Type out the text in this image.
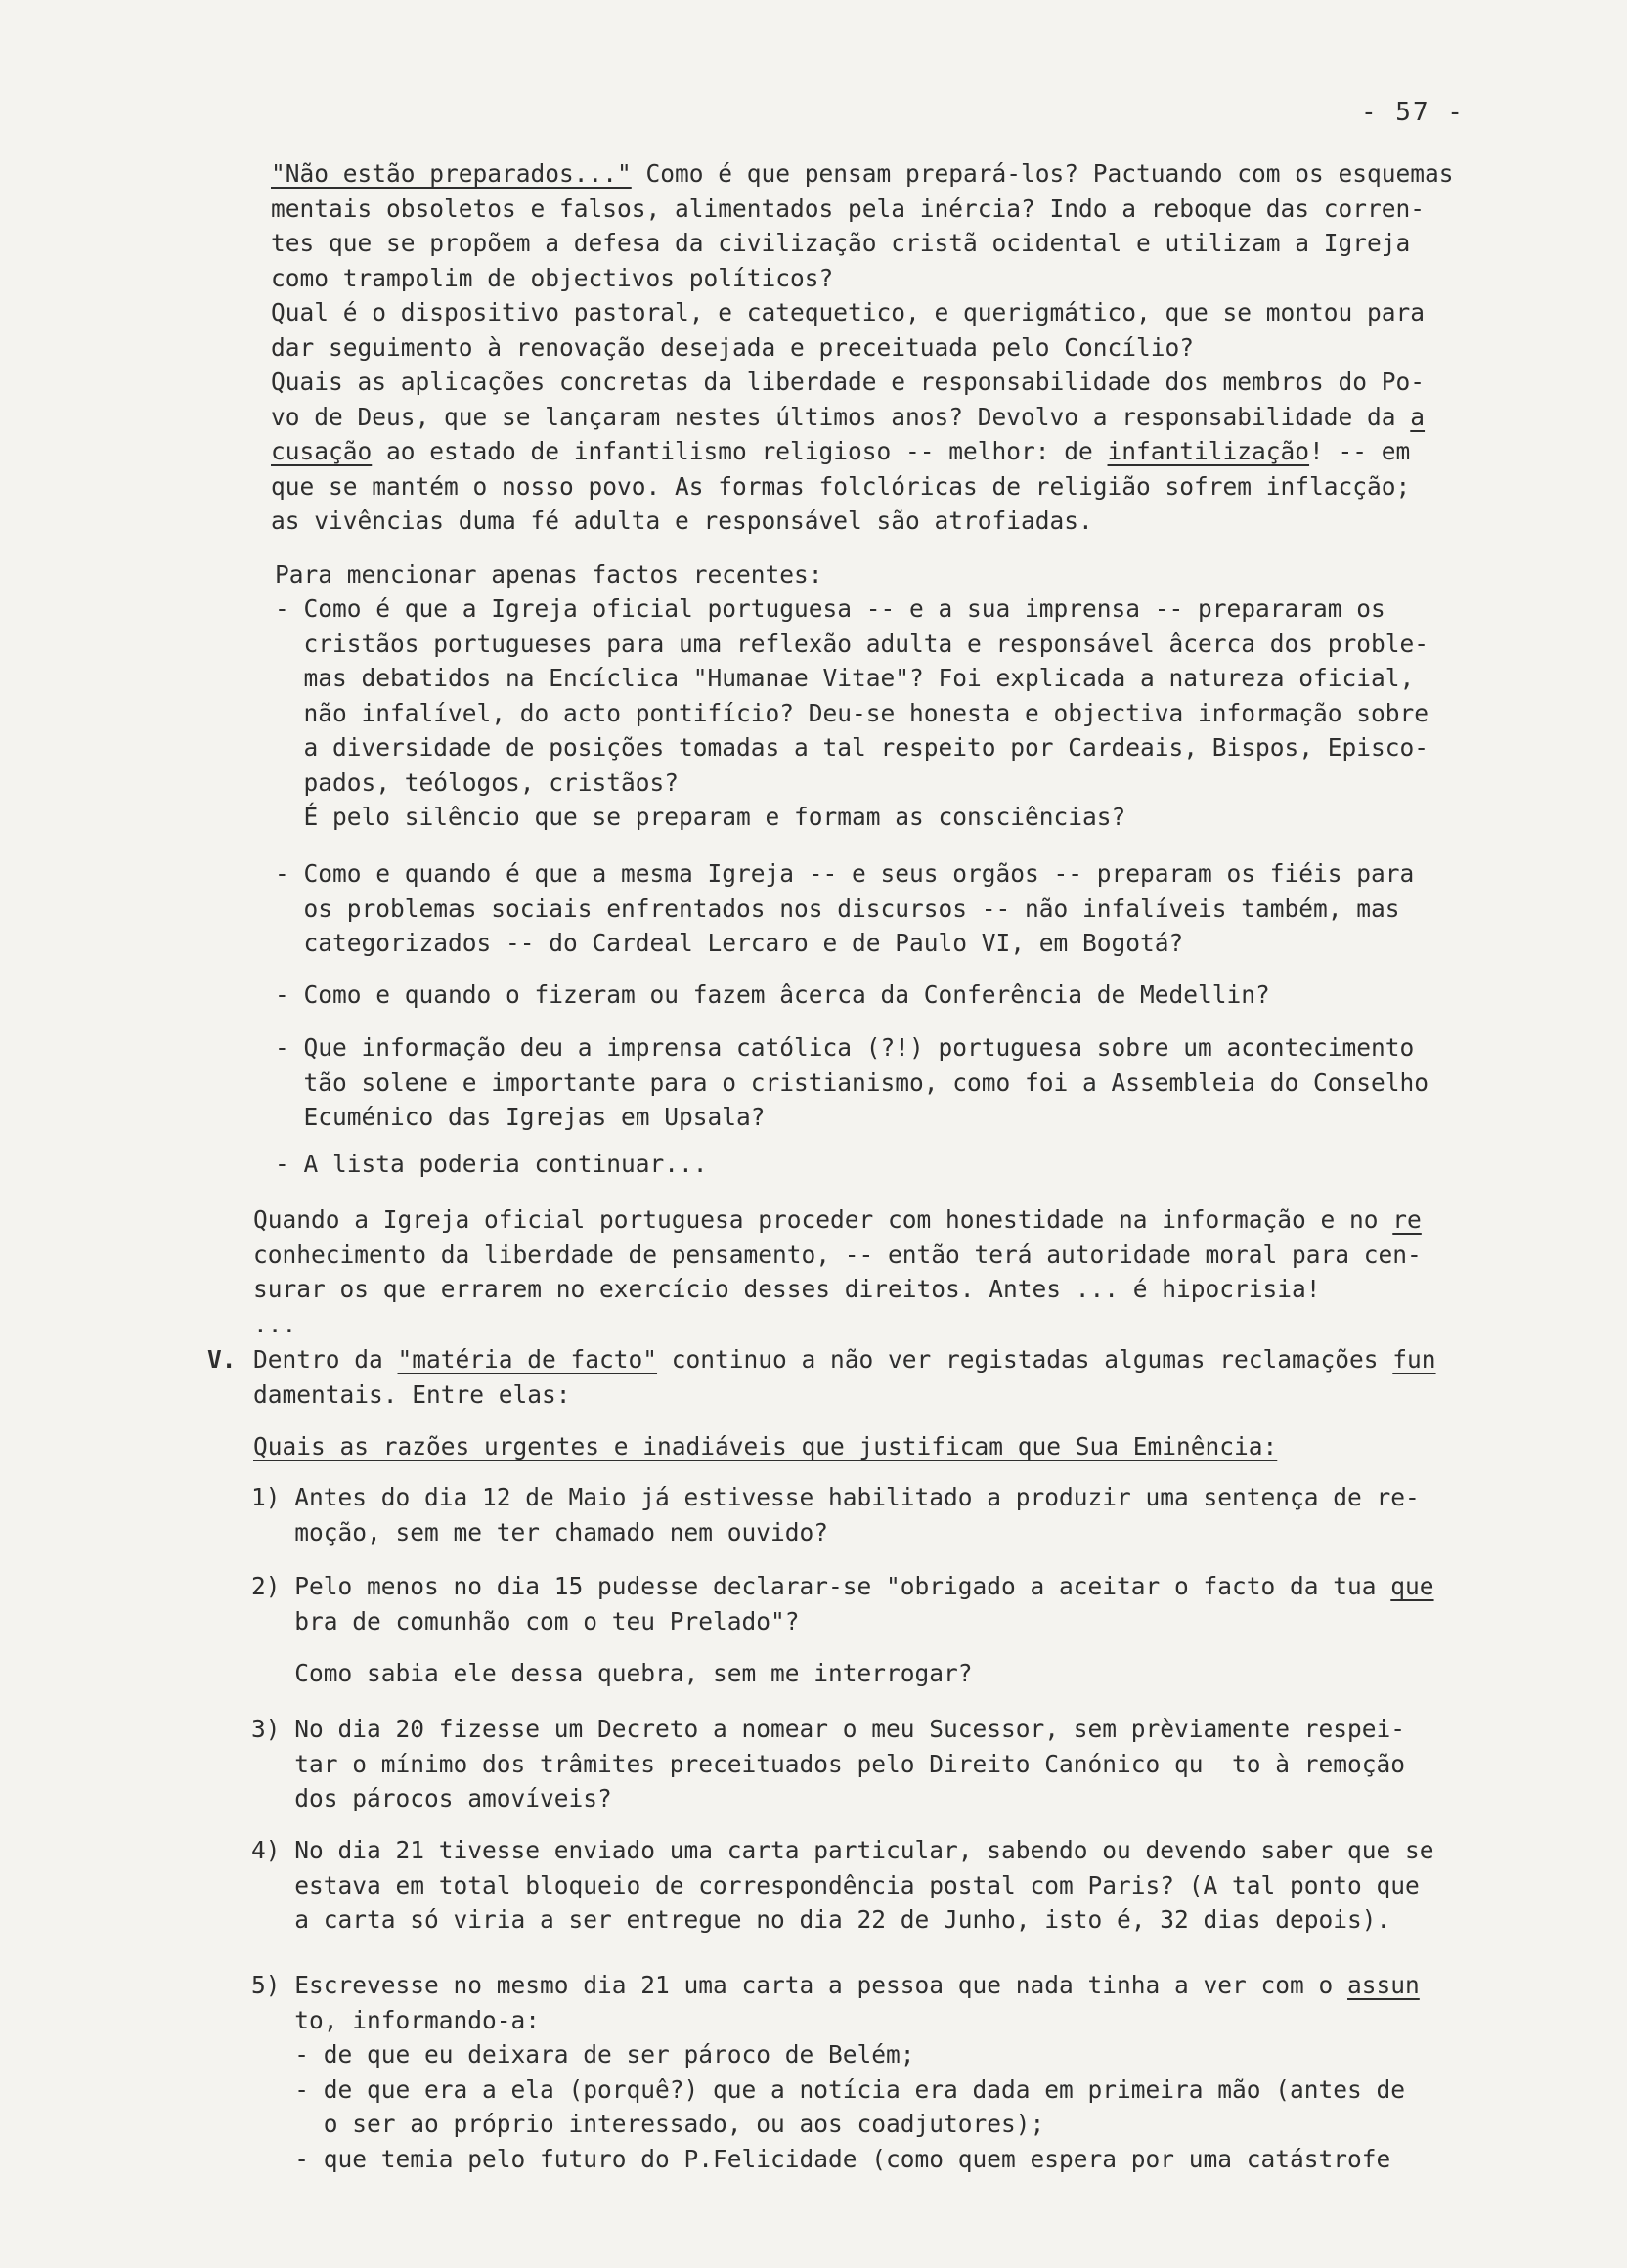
- 57 -
"Não estão preparados..." Como é que pensam prepará-los? Pactuando com os esquemas
mentais obsoletos e falsos, alimentados pela inércia? Indo a reboque das corren-
tes que se propõem a defesa da civilização cristã ocidental e utilizam a Igreja
como trampolim de objectivos políticos?
Qual é o dispositivo pastoral, e catequetico, e querigmático, que se montou para
dar seguimento à renovação desejada e preceituada pelo Concílio?
Quais as aplicações concretas da liberdade e responsabilidade dos membros do Po-
vo de Deus, que se lançaram nestes últimos anos? Devolvo a responsabilidade da a
cusação ao estado de infantilismo religioso -- melhor: de infantilização! -- em
que se mantém o nosso povo. As formas folclóricas de religião sofrem inflacção;
as vivências duma fé adulta e responsável são atrofiadas.
Para mencionar apenas factos recentes:
- Como é que a Igreja oficial portuguesa -- e a sua imprensa -- prepararam os
cristãos portugueses para uma reflexão adulta e responsável âcerca dos proble-
mas debatidos na Encíclica "Humanae Vitae"? Foi explicada a natureza oficial,
não infalível, do acto pontifício? Deu-se honesta e objectiva informação sobre
a diversidade de posições tomadas a tal respeito por Cardeais, Bispos, Episco-
pados, teólogos, cristãos?
É pelo silêncio que se preparam e formam as consciências?
- Como e quando é que a mesma Igreja -- e seus orgãos -- preparam os fiéis para
os problemas sociais enfrentados nos discursos -- não infalíveis também, mas
categorizados -- do Cardeal Lercaro e de Paulo VI, em Bogotá?
- Como e quando o fizeram ou fazem âcerca da Conferência de Medellin?
- Que informação deu a imprensa católica (?!) portuguesa sobre um acontecimento
tão solene e importante para o cristianismo, como foi a Assembleia do Conselho
Ecuménico das Igrejas em Upsala?
- A lista poderia continuar...
Quando a Igreja oficial portuguesa proceder com honestidade na informação e no re
conhecimento da liberdade de pensamento, -- então terá autoridade moral para cen-
surar os que errarem no exercício desses direitos. Antes ... é hipocrisia!
...
V. Dentro da "matéria de facto" continuo a não ver registadas algumas reclamações fun
damentais. Entre elas:
Quais as razões urgentes e inadiáveis que justificam que Sua Eminência:
1) Antes do dia 12 de Maio já estivesse habilitado a produzir uma sentença de re-
moção, sem me ter chamado nem ouvido?
2) Pelo menos no dia 15 pudesse declarar-se "obrigado a aceitar o facto da tua que
bra de comunhão com o teu Prelado"?
Como sabia ele dessa quebra, sem me interrogar?
3) No dia 20 fizesse um Decreto a nomear o meu Sucessor, sem prèviamente respei-
tar o mínimo dos trâmites preceituados pelo Direito Canónico qu  to à remoção
dos párocos amovíveis?
4) No dia 21 tivesse enviado uma carta particular, sabendo ou devendo saber que se
estava em total bloqueio de correspondência postal com Paris? (A tal ponto que
a carta só viria a ser entregue no dia 22 de Junho, isto é, 32 dias depois).
5) Escrevesse no mesmo dia 21 uma carta a pessoa que nada tinha a ver com o assun
to, informando-a:
- de que eu deixara de ser pároco de Belém;
- de que era a ela (porquê?) que a notícia era dada em primeira mão (antes de
o ser ao próprio interessado, ou aos coadjutores);
- que temia pelo futuro do P.Felicidade (como quem espera por uma catástrofe
